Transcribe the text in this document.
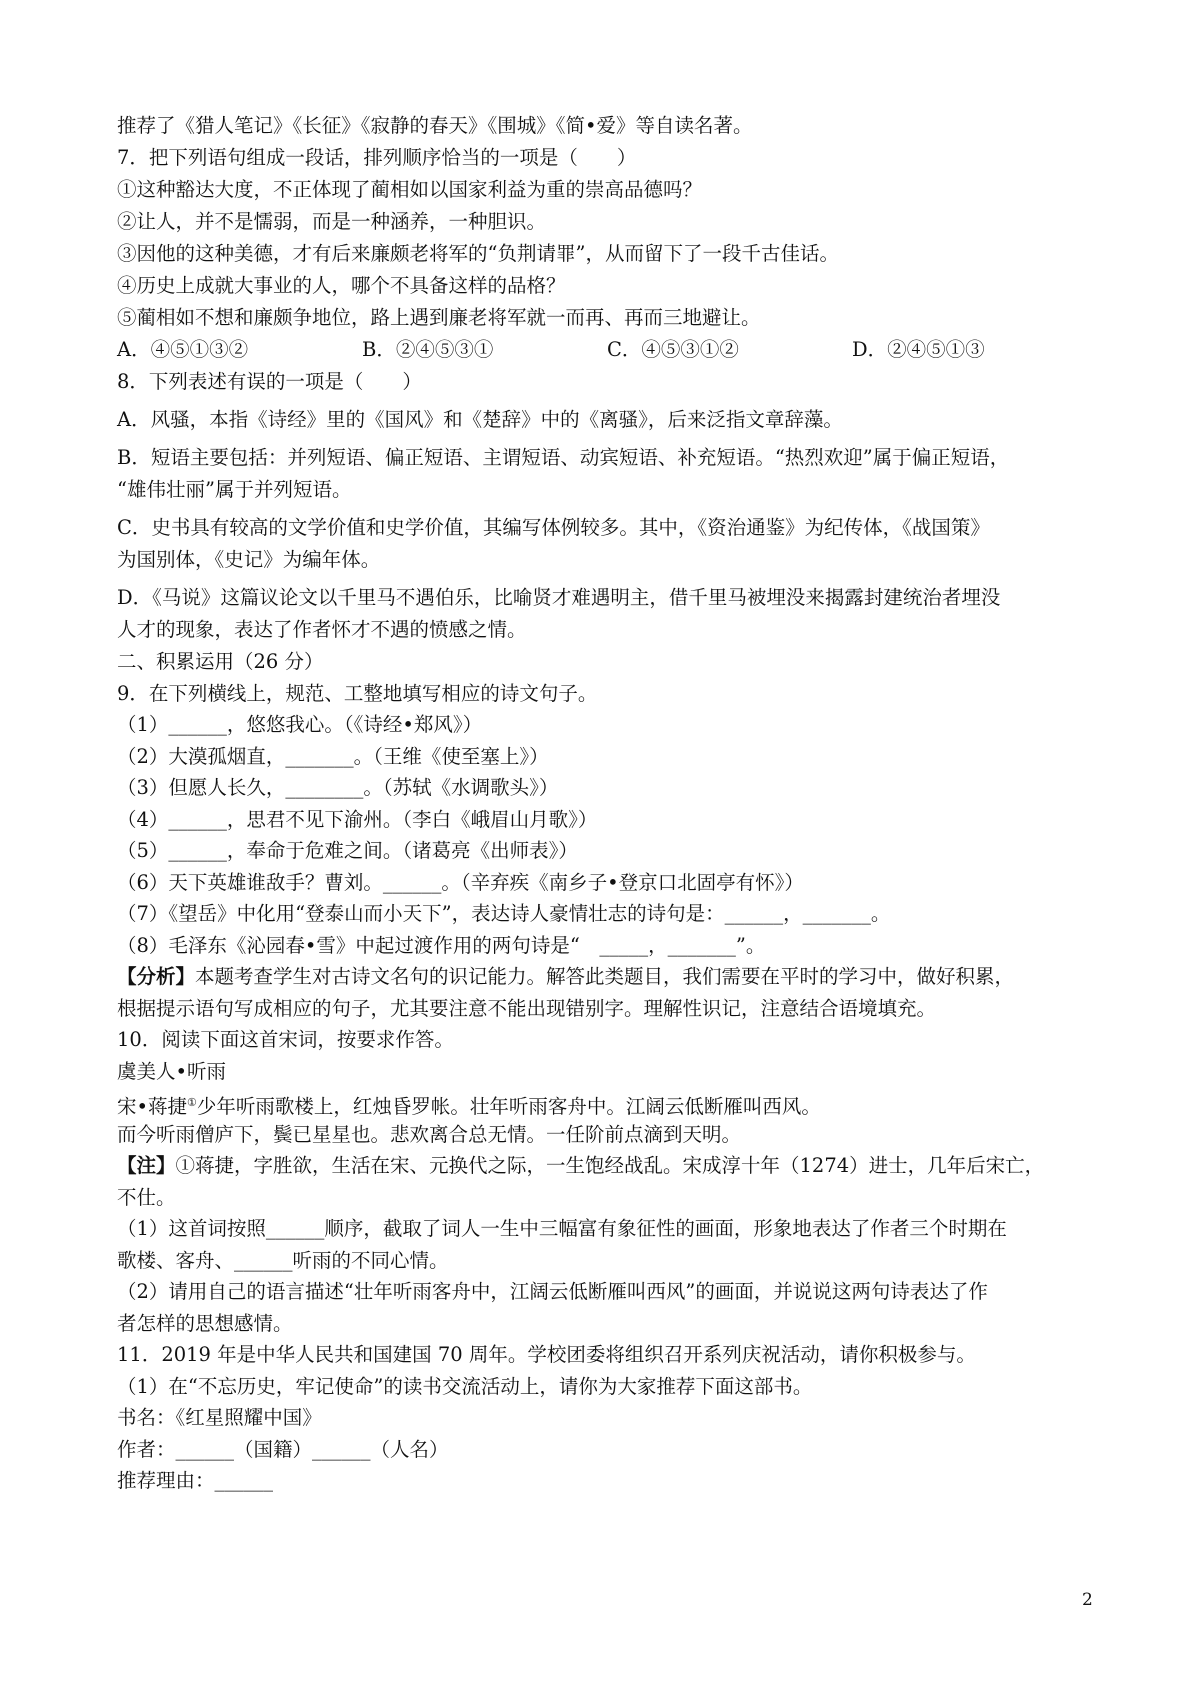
推荐了《猎人笔记》《长征》《寂静的春天》《围城》《简•爱》等自读名著。
7．把下列语句组成一段话，排列顺序恰当的一项是（　　）
①这种豁达大度，不正体现了蔺相如以国家利益为重的崇高品德吗？
②让人，并不是懦弱，而是一种涵养，一种胆识。
③因他的这种美德，才有后来廉颇老将军的“负荆请罪”，从而留下了一段千古佳话。
④历史上成就大事业的人，哪个不具备这样的品格？
⑤蔺相如不想和廉颇争地位，路上遇到廉老将军就一而再、再而三地避让。
A．④⑤①③②	B．②④⑤③①	C．④⑤③①②	D．②④⑤①③
8．下列表述有误的一项是（　　）
A．风骚，本指《诗经》里的《国风》和《楚辞》中的《离骚》，后来泛指文章辞藻。
B．短语主要包括：并列短语、偏正短语、主谓短语、动宾短语、补充短语。“热烈欢迎”属于偏正短语，
“雄伟壮丽”属于并列短语。
C．史书具有较高的文学价值和史学价值，其编写体例较多。其中，《资治通鉴》为纪传体，《战国策》
为国别体，《史记》为编年体。
D．《马说》这篇议论文以千里马不遇伯乐，比喻贤才难遇明主，借千里马被埋没来揭露封建统治者埋没
人才的现象，表达了作者怀才不遇的愤感之情。
二、积累运用（26 分）
9．在下列横线上，规范、工整地填写相应的诗文句子。
（1）______，悠悠我心。（《诗经•郑风》）
（2）大漠孤烟直，_______。（王维《使至塞上》）
（3）但愿人长久，________。（苏轼《水调歌头》）
（4）______，思君不见下渝州。（李白《峨眉山月歌》）
（5）______，奉命于危难之间。（诸葛亮《出师表》）
（6）天下英雄谁敌手？曹刘。______。（辛弃疾《南乡子•登京口北固亭有怀》）
（7）《望岳》中化用“登泰山而小天下”，表达诗人豪情壮志的诗句是：______，_______。
（8）毛泽东《沁园春•雪》中起过渡作用的两句诗是“　_____，_______”。
【分析】本题考查学生对古诗文名句的识记能力。解答此类题目，我们需要在平时的学习中，做好积累，
根据提示语句写成相应的句子，尤其要注意不能出现错别字。理解性识记，注意结合语境填充。
10．阅读下面这首宋词，按要求作答。
虞美人•听雨
宋•蒋捷①少年听雨歌楼上，红烛昏罗帐。壮年听雨客舟中。江阔云低断雁叫西风。
而今听雨僧庐下，鬓已星星也。悲欢离合总无情。一任阶前点滴到天明。
【注】①蒋捷，字胜欲，生活在宋、元换代之际，一生饱经战乱。宋成淳十年（1274）进士，几年后宋亡，
不仕。
（1）这首词按照______顺序，截取了词人一生中三幅富有象征性的画面，形象地表达了作者三个时期在
歌楼、客舟、______听雨的不同心情。
（2）请用自己的语言描述“壮年听雨客舟中，江阔云低断雁叫西风”的画面，并说说这两句诗表达了作
者怎样的思想感情。
11．2019 年是中华人民共和国建国 70 周年。学校团委将组织召开系列庆祝活动，请你积极参与。
（1）在“不忘历史，牢记使命”的读书交流活动上，请你为大家推荐下面这部书。
书名：《红星照耀中国》
作者：______（国籍）______（人名）
推荐理由：______
2
